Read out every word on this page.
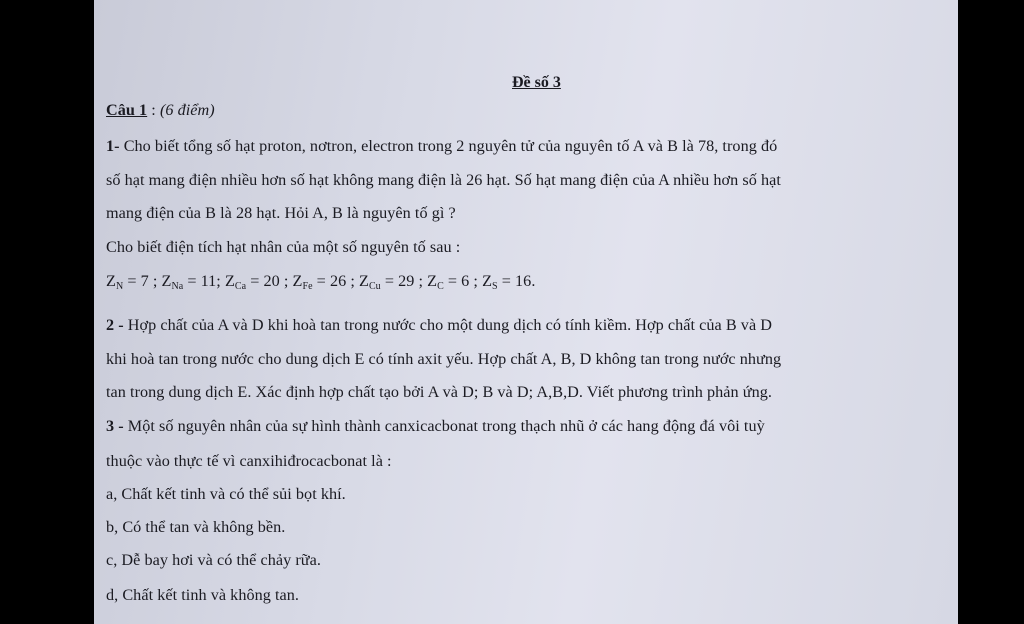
Đề số 3
Câu 1 : (6 điểm)
1- Cho biết tổng số hạt proton, nơtron, electron trong 2 nguyên tử của nguyên tố A và B là 78, trong đó
số hạt mang điện nhiều hơn số hạt không mang điện là 26 hạt. Số hạt mang điện của A nhiều hơn số hạt
mang điện của B là 28 hạt. Hỏi A, B là nguyên tố gì ?
Cho biết điện tích hạt nhân của một số nguyên tố sau :
$Z_N = 7$ ; $Z_{Na} = 11$; $Z_{Ca} = 20$ ; $Z_{Fe} = 26$ ; $Z_{Cu} = 29$ ; $Z_C = 6$ ; $Z_S = 16$.
2 - Hợp chất của A và D khi hoà tan trong nước cho một dung dịch có tính kiềm. Hợp chất của B và D
khi hoà tan trong nước cho dung dịch E có tính axit yếu. Hợp chất A, B, D không tan trong nước nhưng
tan trong dung dịch E. Xác định hợp chất tạo bởi A và D; B và D; A,B,D. Viết phương trình phản ứng.
3 - Một số nguyên nhân của sự hình thành canxicacbonat trong thạch nhũ ở các hang động đá vôi tuỳ
thuộc vào thực tế vì canxihiđrocacbonat là :
a, Chất kết tinh và có thể sủi bọt khí.
b, Có thể tan và không bền.
c, Dễ bay hơi và có thể chảy rữa.
d, Chất kết tinh và không tan.
